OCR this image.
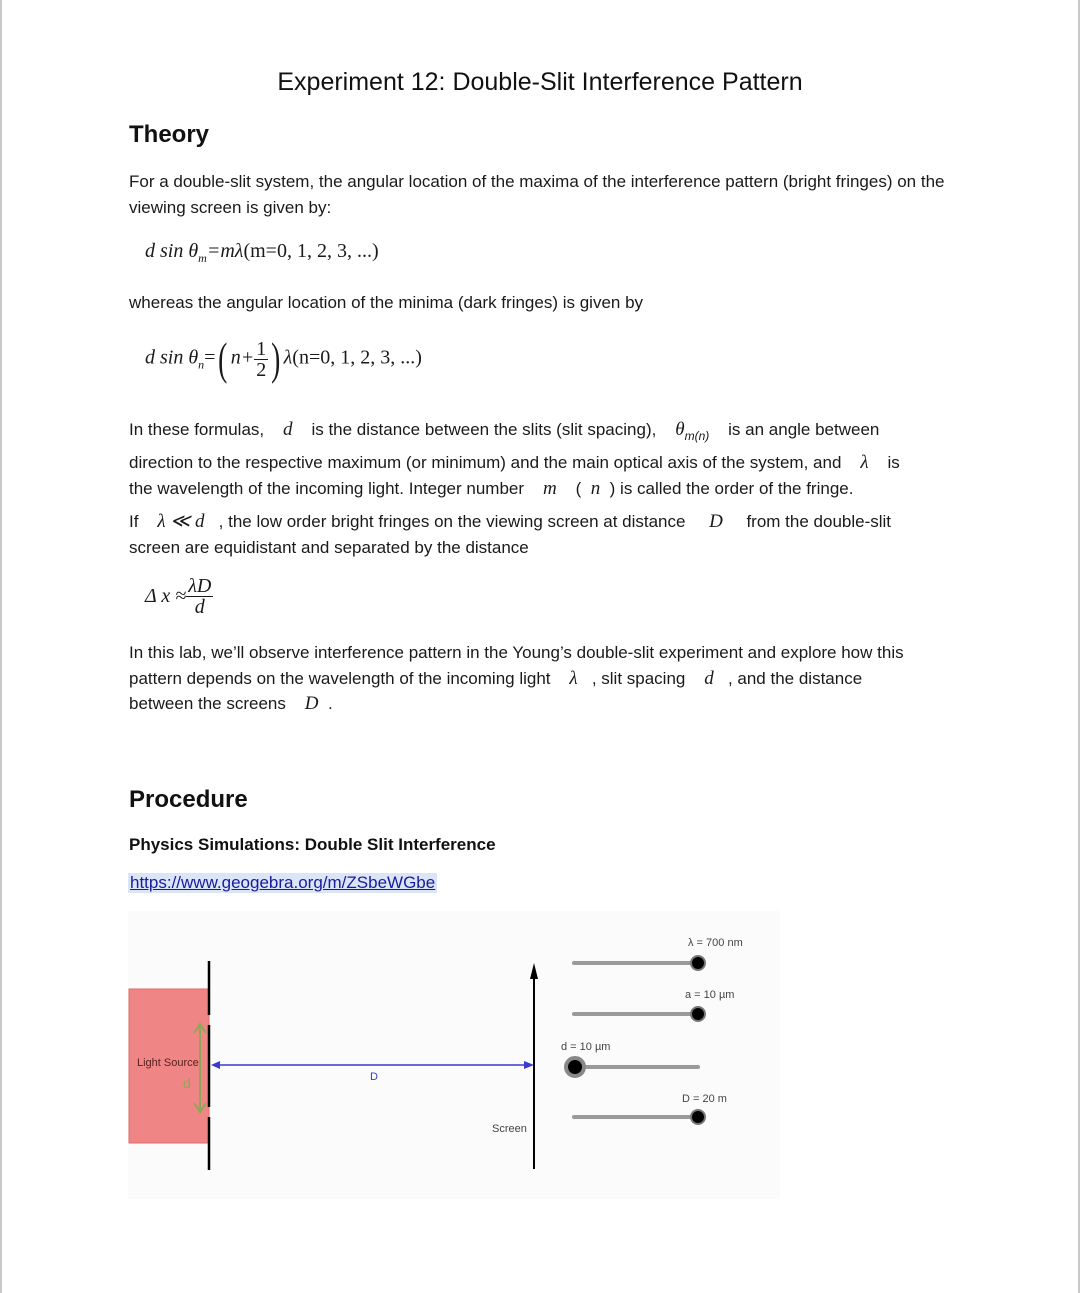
Experiment 12: Double-Slit Interference Pattern
Theory
For a double-slit system, the angular location of the maxima of the interference pattern (bright fringes) on the viewing screen is given by:
d $\sin \theta_m=m\lambda(m=0$, 1, 2, 3, ...)
whereas the angular location of the minima (dark fringes) is given by
d $\sin \theta_n=$( $n+ \frac{1}{2}$ ) λ(n=0, 1, 2, 3, ...)
In these formulas, d is the distance between the slits (slit spacing), $\theta_{m(n)}$ is an angle between
direction to the respective maximum (or minimum) and the main optical axis of the system, and λ is
the wavelength of the incoming light. Integer number m ( n ) is called the order of the fringe.
If λ ≪ d , the low order bright fringes on the viewing screen at distance D from the double-slit
screen are equidistant and separated by the distance
Δ $x \approx \frac{\lambda D}{d}$
In this lab, we’ll observe interference pattern in the Young’s double-slit experiment and explore how this
pattern depends on the wavelength of the incoming light λ , slit spacing d , and the distance
between the screens D .
Procedure
Physics Simulations: Double Slit Interference
https://www.geogebra.org/m/ZSbeWGbe
Light Source
d	D
Screen
λ = 700 nm
a = 10 µm
d = 10 µm
D = 20 m
